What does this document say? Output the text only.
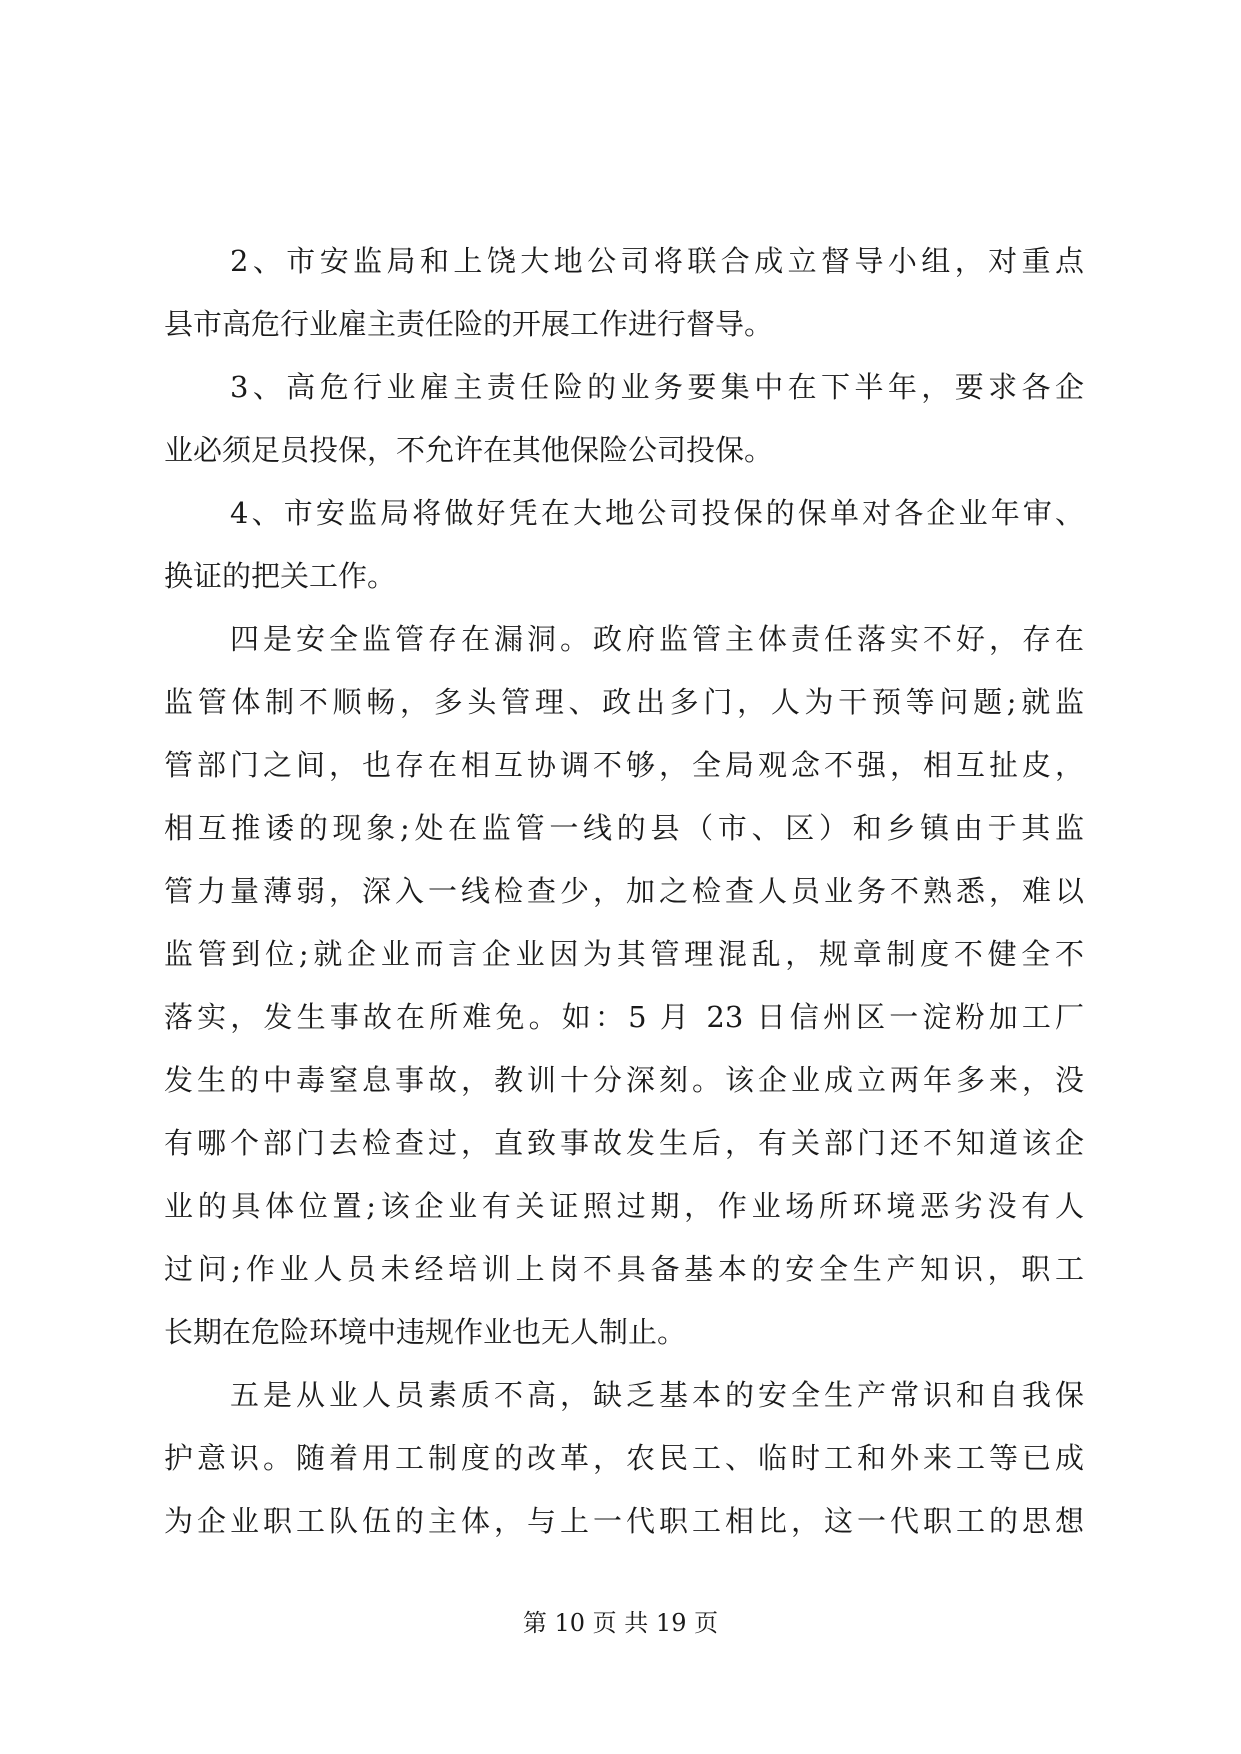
2、市安监局和上饶大地公司将联合成立督导小组，对重点
县市高危行业雇主责任险的开展工作进行督导。
3、高危行业雇主责任险的业务要集中在下半年，要求各企
业必须足员投保，不允许在其他保险公司投保。
4、市安监局将做好凭在大地公司投保的保单对各企业年审、
换证的把关工作。
四是安全监管存在漏洞。政府监管主体责任落实不好，存在
监管体制不顺畅，多头管理、政出多门，人为干预等问题;就监
管部门之间，也存在相互协调不够，全局观念不强，相互扯皮，
相互推诿的现象;处在监管一线的县（市、区）和乡镇由于其监
管力量薄弱，深入一线检查少，加之检查人员业务不熟悉，难以
监管到位;就企业而言企业因为其管理混乱，规章制度不健全不
落实，发生事故在所难免。如：5 月 23 日信州区一淀粉加工厂
发生的中毒窒息事故，教训十分深刻。该企业成立两年多来，没
有哪个部门去检查过，直致事故发生后，有关部门还不知道该企
业的具体位置;该企业有关证照过期，作业场所环境恶劣没有人
过问;作业人员未经培训上岗不具备基本的安全生产知识，职工
长期在危险环境中违规作业也无人制止。
五是从业人员素质不高，缺乏基本的安全生产常识和自我保
护意识。随着用工制度的改革，农民工、临时工和外来工等已成
为企业职工队伍的主体，与上一代职工相比，这一代职工的思想
第 10 页 共 19 页
